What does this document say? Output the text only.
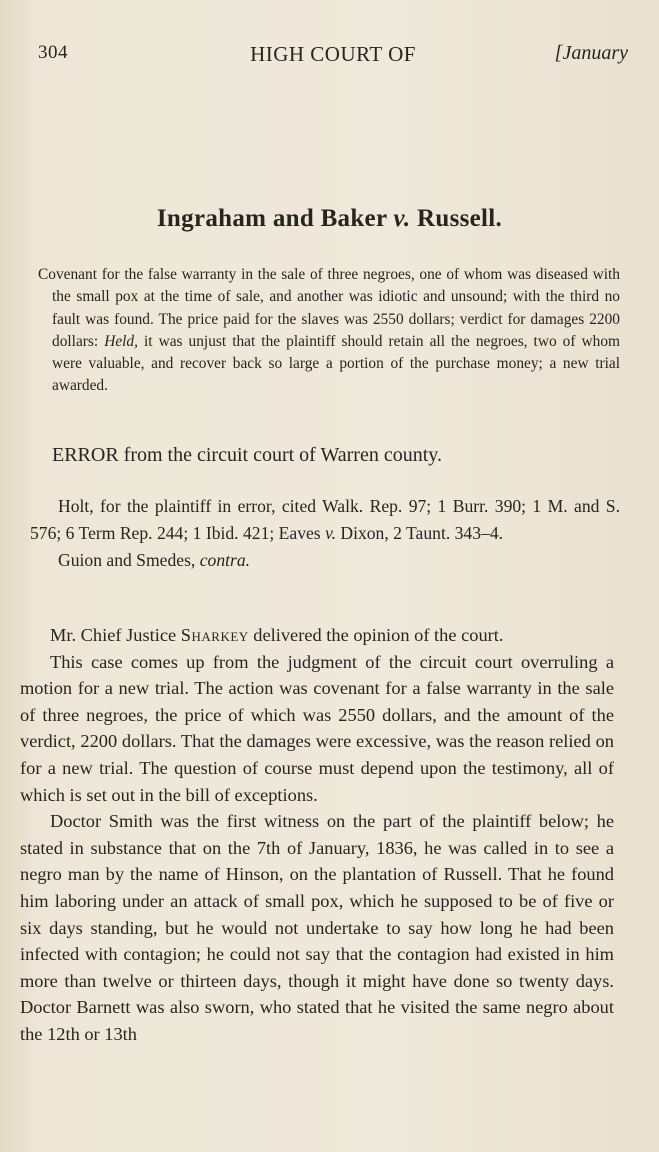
304	HIGH COURT OF	[January
Ingraham and Baker v. Russell.
Covenant for the false warranty in the sale of three negroes, one of whom was diseased with the small pox at the time of sale, and another was idiotic and unsound; with the third no fault was found. The price paid for the slaves was 2550 dollars; verdict for damages 2200 dollars: Held, it was unjust that the plaintiff should retain all the negroes, two of whom were valuable, and recover back so large a portion of the purchase money; a new trial awarded.
ERROR from the circuit court of Warren county.

Holt, for the plaintiff in error, cited Walk. Rep. 97; 1 Burr. 390; 1 M. and S. 576; 6 Term Rep. 244; 1 Ibid. 421; Eaves v. Dixon, 2 Taunt. 343–4.

Guion and Smedes, contra.

Mr. Chief Justice Sharkey delivered the opinion of the court.

This case comes up from the judgment of the circuit court overruling a motion for a new trial. The action was covenant for a false warranty in the sale of three negroes, the price of which was 2550 dollars, and the amount of the verdict, 2200 dollars. That the damages were excessive, was the reason relied on for a new trial. The question of course must depend upon the testimony, all of which is set out in the bill of exceptions.

Doctor Smith was the first witness on the part of the plaintiff below; he stated in substance that on the 7th of January, 1836, he was called in to see a negro man by the name of Hinson, on the plantation of Russell. That he found him laboring under an attack of small pox, which he supposed to be of five or six days standing, but he would not undertake to say how long he had been infected with contagion; he could not say that the contagion had existed in him more than twelve or thirteen days, though it might have done so twenty days. Doctor Barnett was also sworn, who stated that he visited the same negro about the 12th or 13th
